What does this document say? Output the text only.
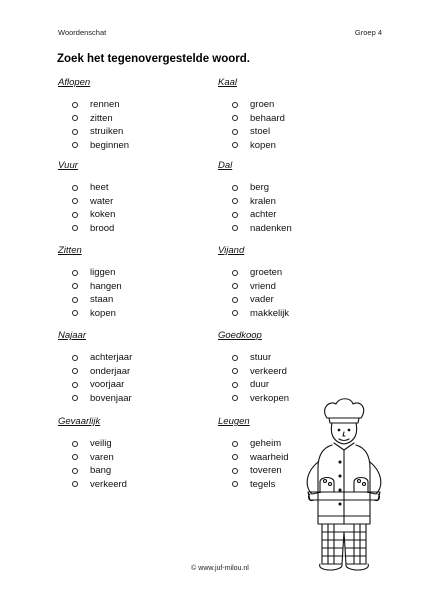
Woordenschat	Groep 4
Zoek het tegenovergestelde woord.
Aflopen
rennen
zitten
struiken
beginnen
Vuur
heet
water
koken
brood
Zitten
liggen
hangen
staan
kopen
Najaar
achterjaar
onderjaar
voorjaar
bovenjaar
Gevaarlijk
veilig
varen
bang
verkeerd
Kaal
groen
behaard
stoel
kopen
Dal
berg
kralen
achter
nadenken
Vijand
groeten
vriend
vader
makkelijk
Goedkoop
stuur
verkeerd
duur
verkopen
Leugen
geheim
waarheid
toveren
tegels
© www.juf-milou.nl
